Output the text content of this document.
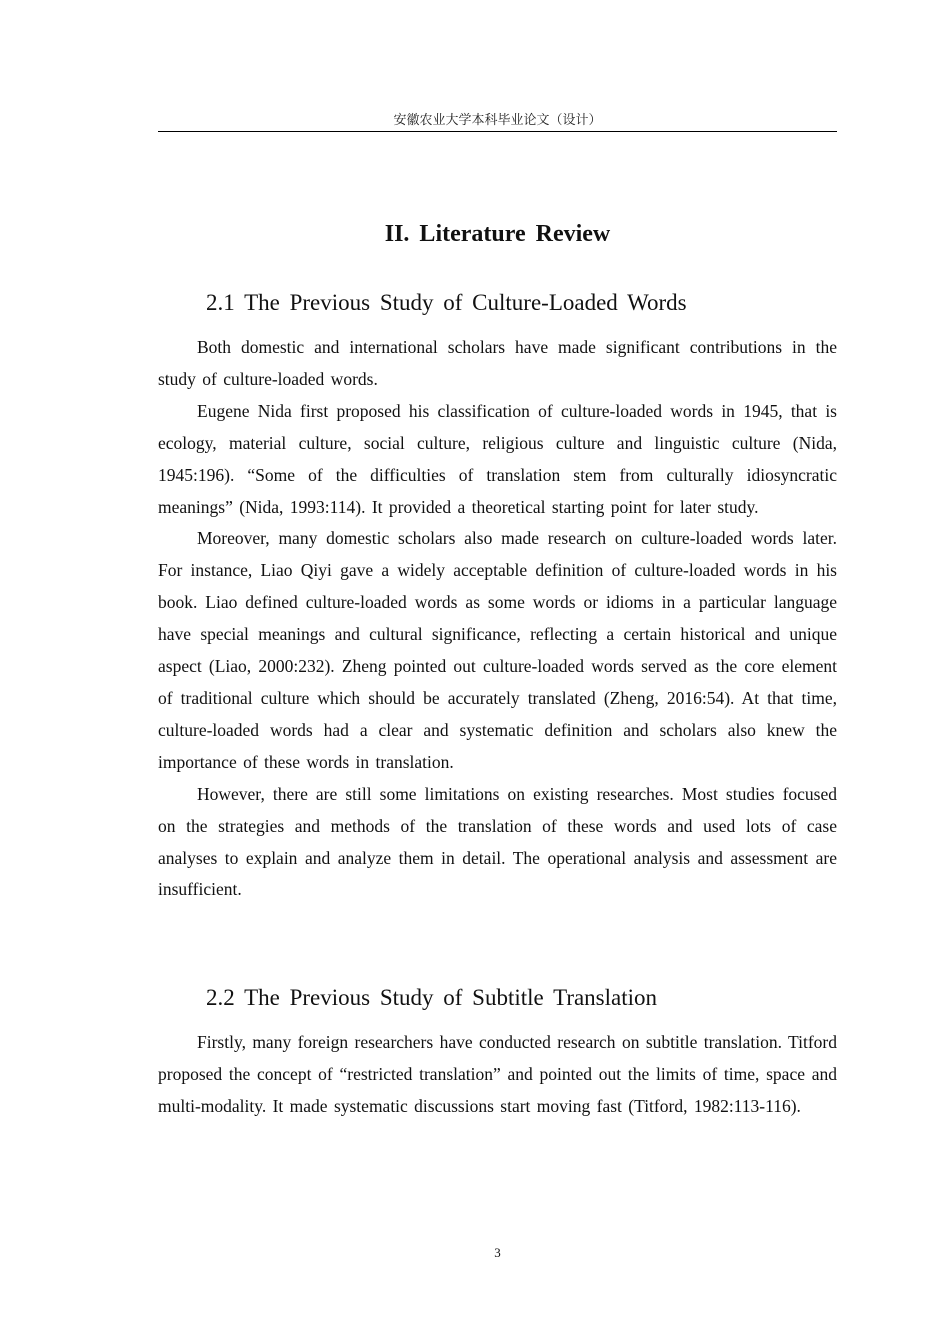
安徽农业大学本科毕业论文（设计）
II. Literature Review
2.1 The Previous Study of Culture-Loaded Words

Both domestic and international scholars have made significant contributions in the study of culture-loaded words.

Eugene Nida first proposed his classification of culture-loaded words in 1945, that is ecology, material culture, social culture, religious culture and linguistic culture (Nida, 1945:196). “Some of the difficulties of translation stem from culturally idiosyncratic meanings” (Nida, 1993:114). It provided a theoretical starting point for later study.

Moreover, many domestic scholars also made research on culture-loaded words later. For instance, Liao Qiyi gave a widely acceptable definition of culture-loaded words in his book. Liao defined culture-loaded words as some words or idioms in a particular language have special meanings and cultural significance, reflecting a certain historical and unique aspect (Liao, 2000:232). Zheng pointed out culture-loaded words served as the core element of traditional culture which should be accurately translated (Zheng, 2016:54). At that time, culture-loaded words had a clear and systematic definition and scholars also knew the importance of these words in translation.

However, there are still some limitations on existing researches. Most studies focused on the strategies and methods of the translation of these words and used lots of case analyses to explain and analyze them in detail. The operational analysis and assessment are insufficient.

2.2 The Previous Study of Subtitle Translation

Firstly, many foreign researchers have conducted research on subtitle translation. Titford proposed the concept of “restricted translation” and pointed out the limits of time, space and multi-modality. It made systematic discussions start moving fast (Titford, 1982:113-116).

3
